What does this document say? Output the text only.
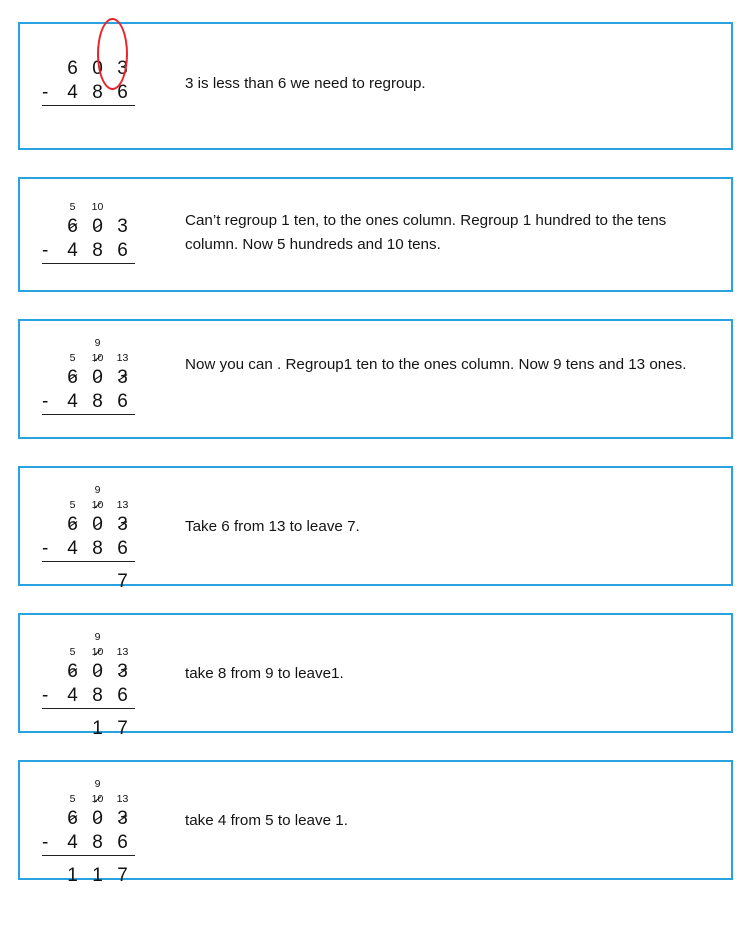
6 0 3
- 4 8 6	3 is less than 6 we need to regroup.
5	10
6 0 3
- 4 8 6
Can’t regroup 1 ten, to the ones column. Regroup 1 hundred to the tens column. Now 5 hundreds and 10 tens.
9
5	10	13
6 0 3
- 4 8 6
Now you can . Regroup1 ten to the ones column. Now 9 tens and 13 ones.
9
5	10	13
6 0 3
- 4 8 6
7
Take 6 from 13 to leave 7.
9
5	10	13
6 0 3
- 4 8 6
1 7
take 8 from 9 to leave1.
9
5	10	13
6 0 3
- 4 8 6
1 1 7
take 4 from 5 to leave 1.
